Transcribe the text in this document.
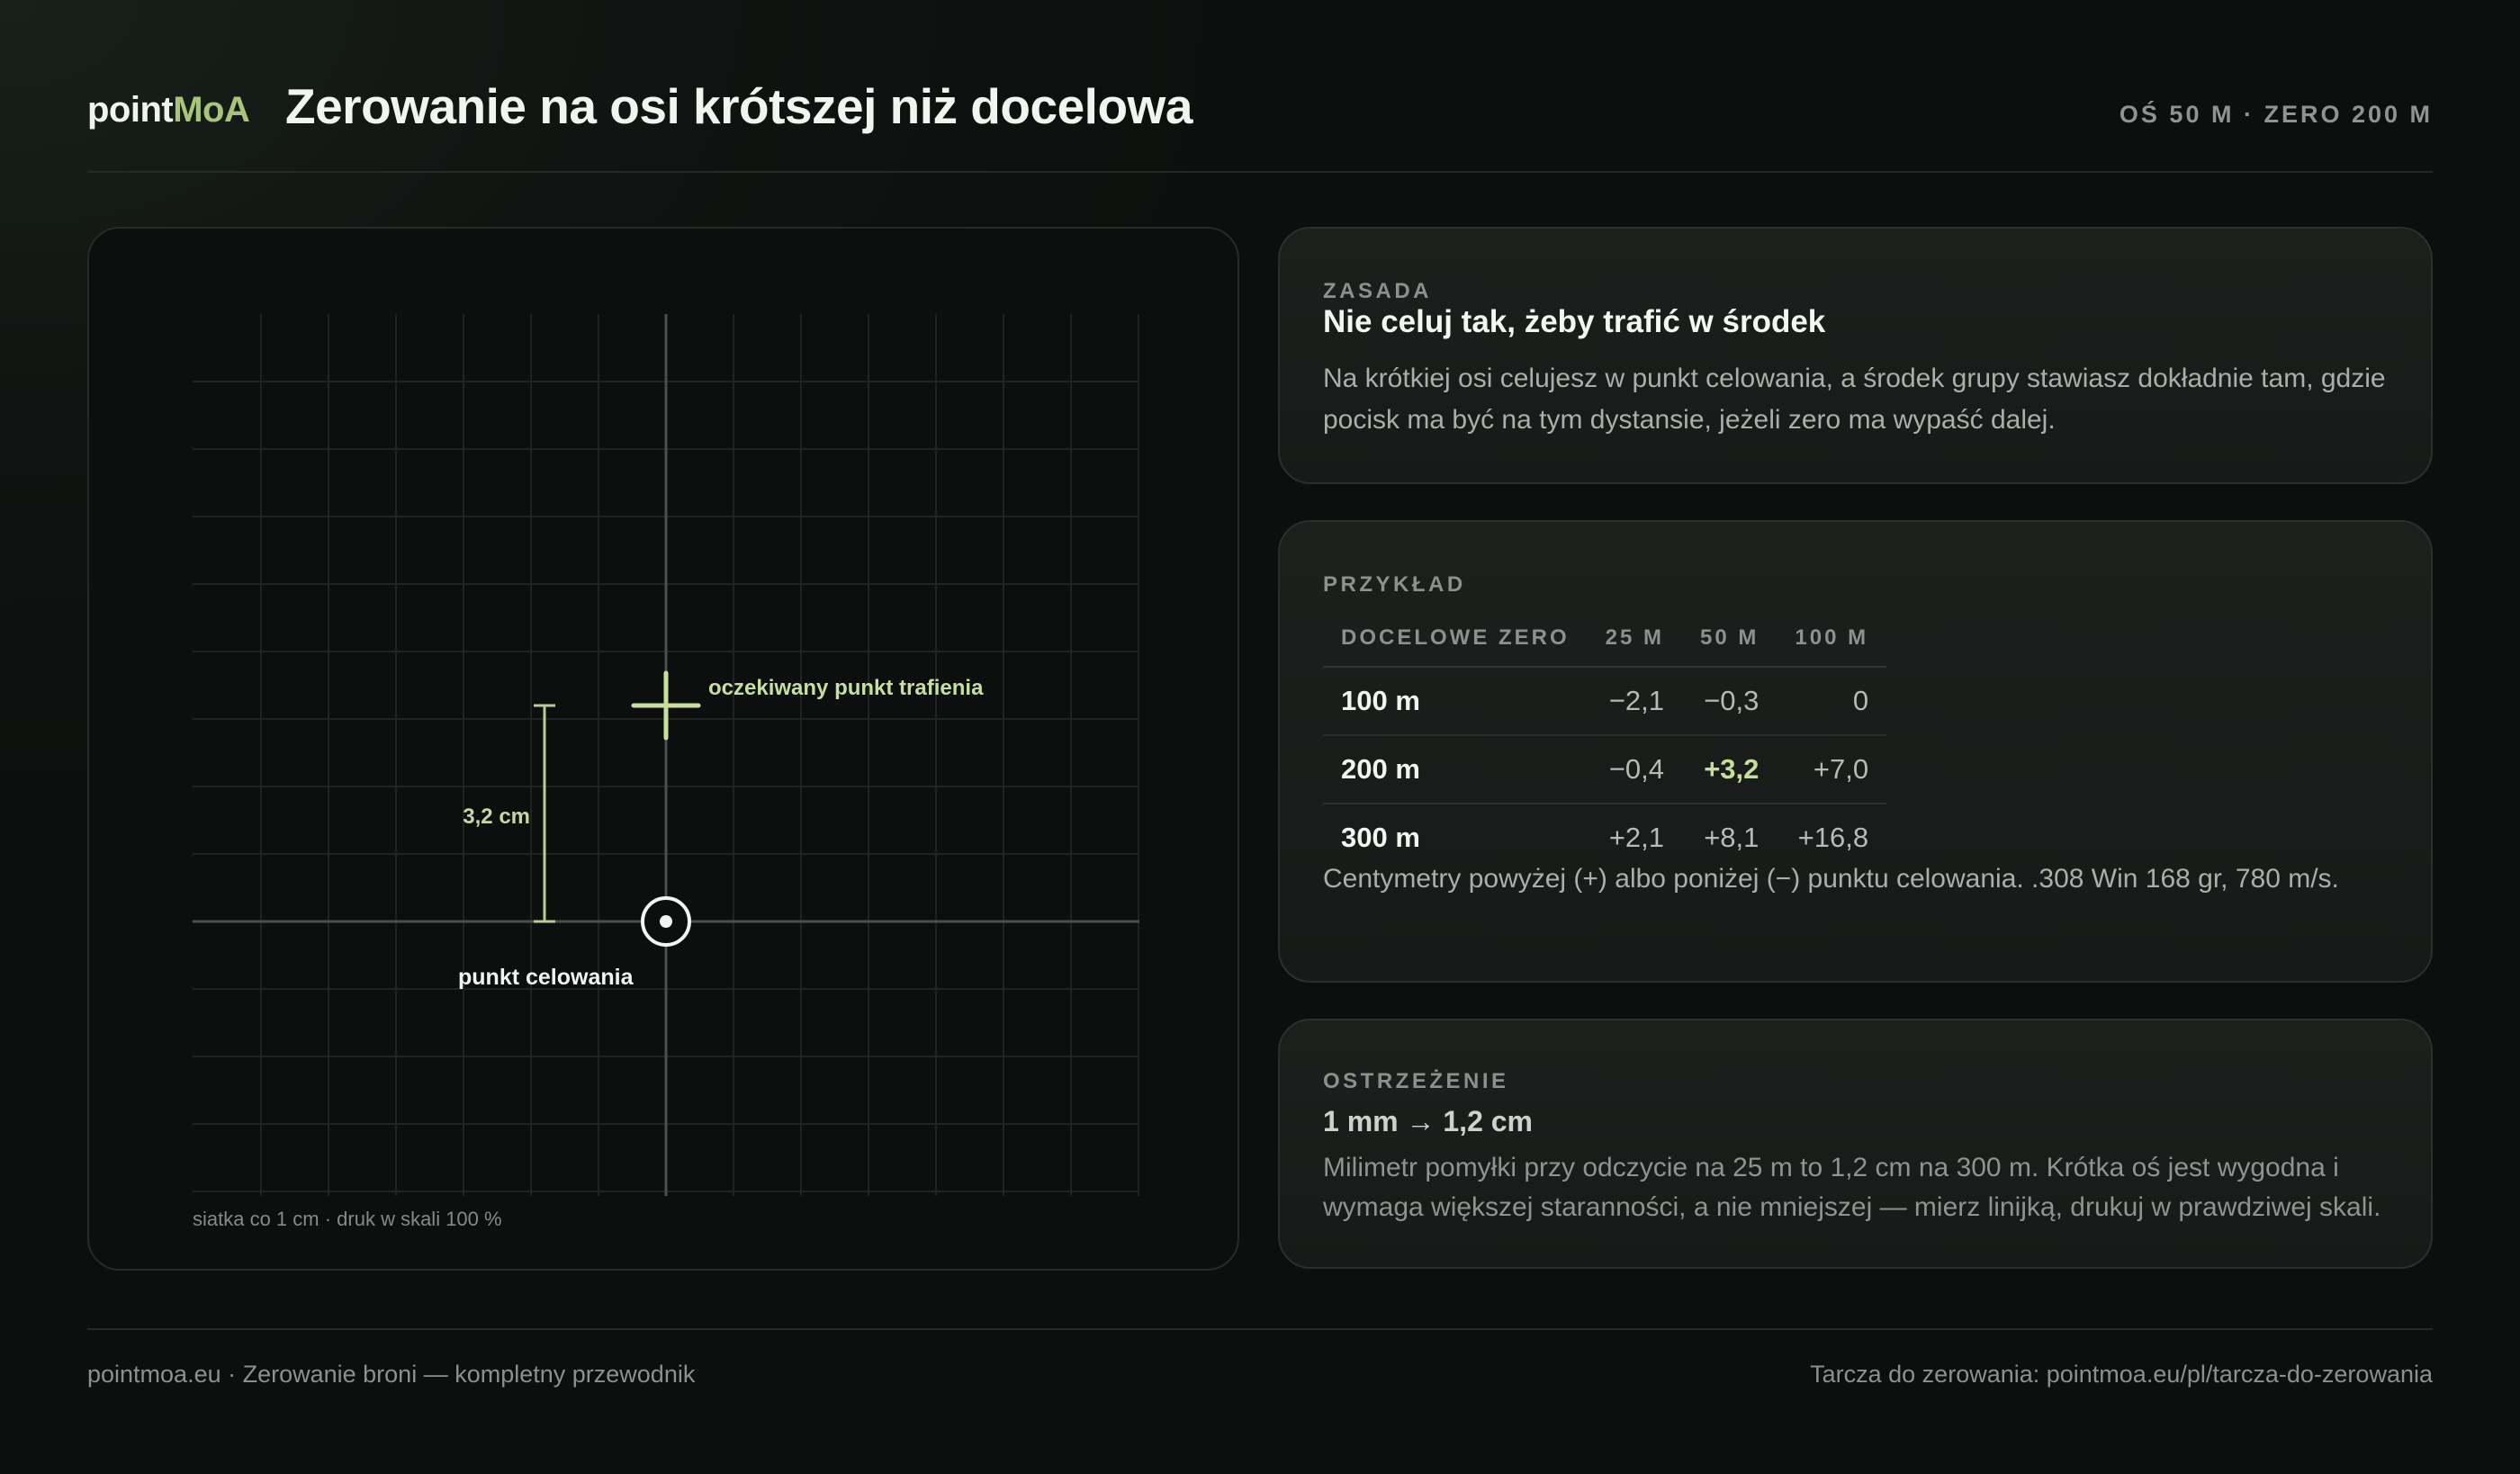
pointMoA Zerowanie na osi krótszej niż docelowa	OŚ 50 M · ZERO 200 M
3,2 cm
oczekiwany punkt trafienia
punkt celowania
siatka co 1 cm · druk w skali 100 %
ZASADA
Nie celuj tak, żeby trafić w środek
Na krótkiej osi celujesz w punkt celowania, a środek grupy stawiasz dokładnie tam, gdzie pocisk ma być na tym dystansie, jeżeli zero ma wypaść dalej.
PRZYKŁAD
DOCELOWE ZERO	25 M	50 M	100 M
100 m	−2,1	−0,3	0
200 m	−0,4	+3,2	+7,0
300 m	+2,1	+8,1	+16,8
Centymetry powyżej (+) albo poniżej (−) punktu celowania. .308 Win 168 gr, 780 m/s.
OSTRZEŻENIE
1 mm → 1,2 cm
Milimetr pomyłki przy odczycie na 25 m to 1,2 cm na 300 m. Krótka oś jest wygodna i wymaga większej staranności, a nie mniejszej — mierz linijką, drukuj w prawdziwej skali.
pointmoa.eu · Zerowanie broni — kompletny przewodnik	Tarcza do zerowania: pointmoa.eu/pl/tarcza-do-zerowania
